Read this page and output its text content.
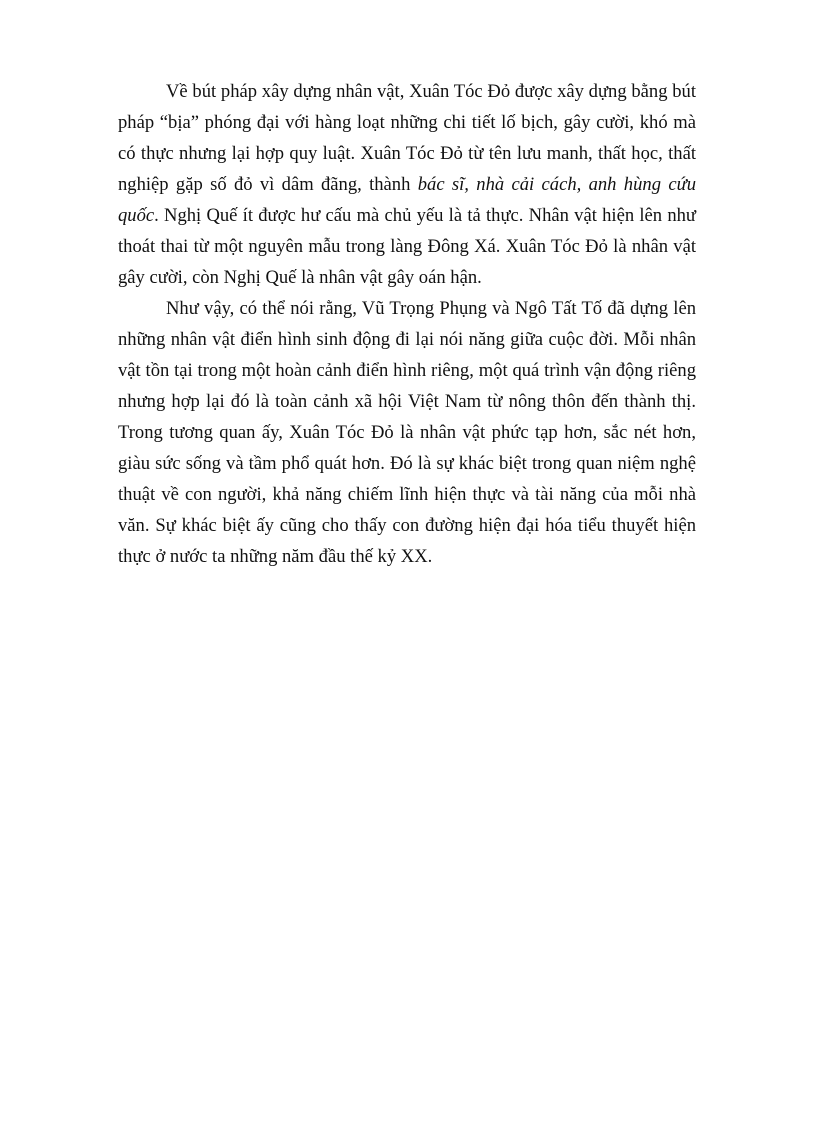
Về bút pháp xây dựng nhân vật, Xuân Tóc Đỏ được xây dựng bằng bút pháp “bịa” phóng đại với hàng loạt những chi tiết lố bịch, gây cười, khó mà có thực nhưng lại hợp quy luật. Xuân Tóc Đỏ từ tên lưu manh, thất học, thất nghiệp gặp số đỏ vì dâm đãng, thành bác sĩ, nhà cải cách, anh hùng cứu quốc. Nghị Quế ít được hư cấu mà chủ yếu là tả thực. Nhân vật hiện lên như thoát thai từ một nguyên mẫu trong làng Đông Xá. Xuân Tóc Đỏ là nhân vật gây cười, còn Nghị Quế là nhân vật gây oán hận.

Như vậy, có thể nói rằng, Vũ Trọng Phụng và Ngô Tất Tố đã dựng lên những nhân vật điển hình sinh động đi lại nói năng giữa cuộc đời. Mỗi nhân vật tồn tại trong một hoàn cảnh điển hình riêng, một quá trình vận động riêng nhưng hợp lại đó là toàn cảnh xã hội Việt Nam từ nông thôn đến thành thị. Trong tương quan ấy, Xuân Tóc Đỏ là nhân vật phức tạp hơn, sắc nét hơn, giàu sức sống và tầm phổ quát hơn. Đó là sự khác biệt trong quan niệm nghệ thuật về con người, khả năng chiếm lĩnh hiện thực và tài năng của mỗi nhà văn. Sự khác biệt ấy cũng cho thấy con đường hiện đại hóa tiểu thuyết hiện thực ở nước ta những năm đầu thế kỷ XX.
